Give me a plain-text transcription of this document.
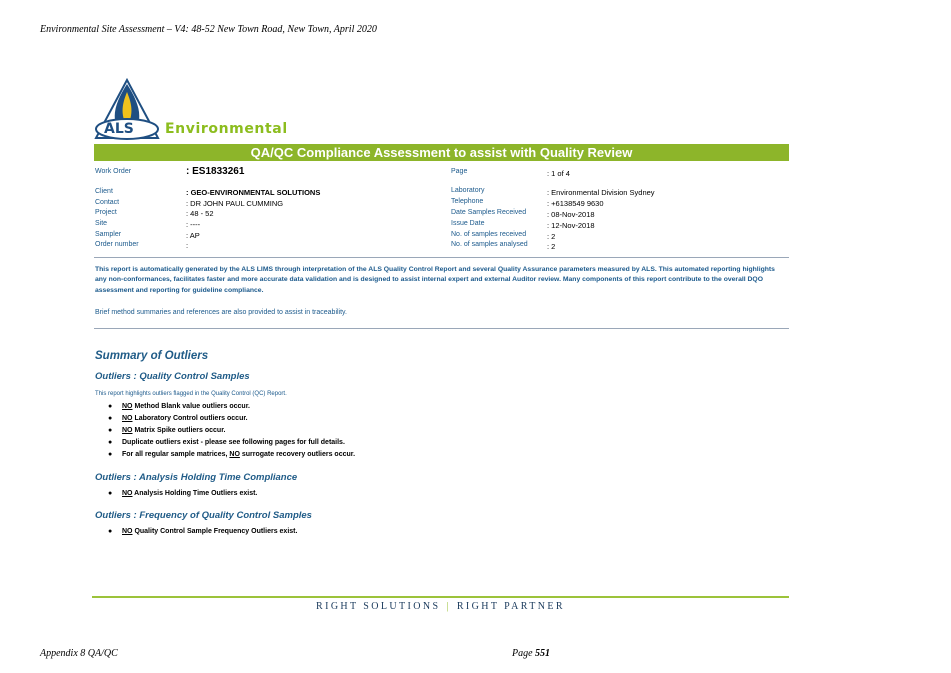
Environmental Site Assessment – V4: 48-52 New Town Road, New Town, April 2020
ALS Environmental
QA/QC Compliance Assessment to assist with Quality Review
Work Order	: ES1833261
Client	: GEO-ENVIRONMENTAL SOLUTIONS
Contact	: DR JOHN PAUL CUMMING
Project	: 48 - 52
Site	: ----
Sampler	: AP
Order number	:
Page	: 1 of 4
Laboratory	: Environmental Division Sydney
Telephone	: +6138549 9630
Date Samples Received	: 08-Nov-2018
Issue Date	: 12-Nov-2018
No. of samples received	: 2
No. of samples analysed	: 2
This report is automatically generated by the ALS LIMS through interpretation of the ALS Quality Control Report and several Quality Assurance parameters measured by ALS. This automated reporting highlights any non-conformances, facilitates faster and more accurate data validation and is designed to assist internal expert and external Auditor review. Many components of this report contribute to the overall DQO assessment and reporting for guideline compliance.
Brief method summaries and references are also provided to assist in traceability.
Summary of Outliers
Outliers : Quality Control Samples
This report highlights outliers flagged in the Quality Control (QC) Report.
● NO Method Blank value outliers occur.
● NO Laboratory Control outliers occur.
● NO Matrix Spike outliers occur.
● Duplicate outliers exist - please see following pages for full details.
● For all regular sample matrices, NO surrogate recovery outliers occur.
Outliers : Analysis Holding Time Compliance
● NO Analysis Holding Time Outliers exist.
Outliers : Frequency of Quality Control Samples
● NO Quality Control Sample Frequency Outliers exist.
RIGHT SOLUTIONS | RIGHT PARTNER
Appendix 8 QA/QC	Page 551
